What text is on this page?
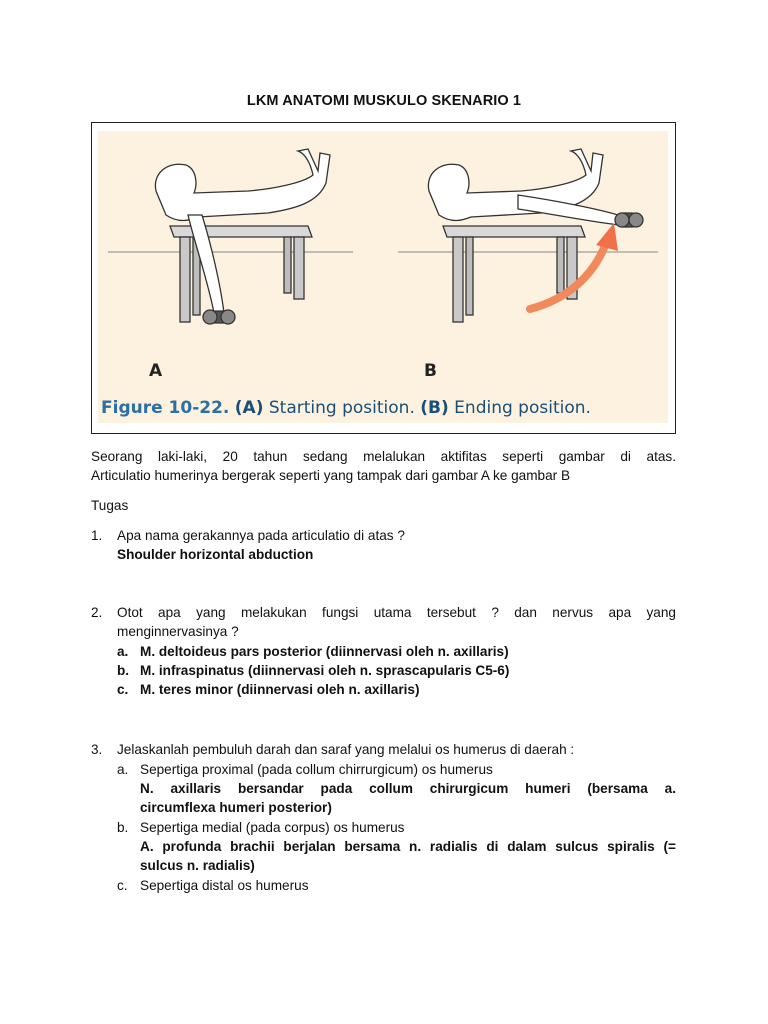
LKM ANATOMI MUSKULO SKENARIO 1
A	B
Figure 10-22. (A) Starting position. (B) Ending position.
Seorang laki-laki, 20 tahun sedang melalukan aktifitas seperti gambar di atas.
Articulatio humerinya bergerak seperti yang tampak dari gambar A ke gambar B
Tugas
1. Apa nama gerakannya pada articulatio di atas ?
Shoulder horizontal abduction
2. Otot apa yang melakukan fungsi utama tersebut ? dan nervus apa yang
menginnervasinya ?
a. M. deltoideus pars posterior (diinnervasi oleh n. axillaris)
b. M. infraspinatus (diinnervasi oleh n. sprascapularis C5-6)
c. M. teres minor (diinnervasi oleh n. axillaris)
3. Jelaskanlah pembuluh darah dan saraf yang melalui os humerus di daerah :
a. Sepertiga proximal (pada collum chirrurgicum) os humerus
N. axillaris bersandar pada collum chirurgicum humeri (bersama a.
circumflexa humeri posterior)
b. Sepertiga medial (pada corpus) os humerus
A. profunda brachii berjalan bersama n. radialis di dalam sulcus spiralis (=
sulcus n. radialis)
c. Sepertiga distal os humerus
